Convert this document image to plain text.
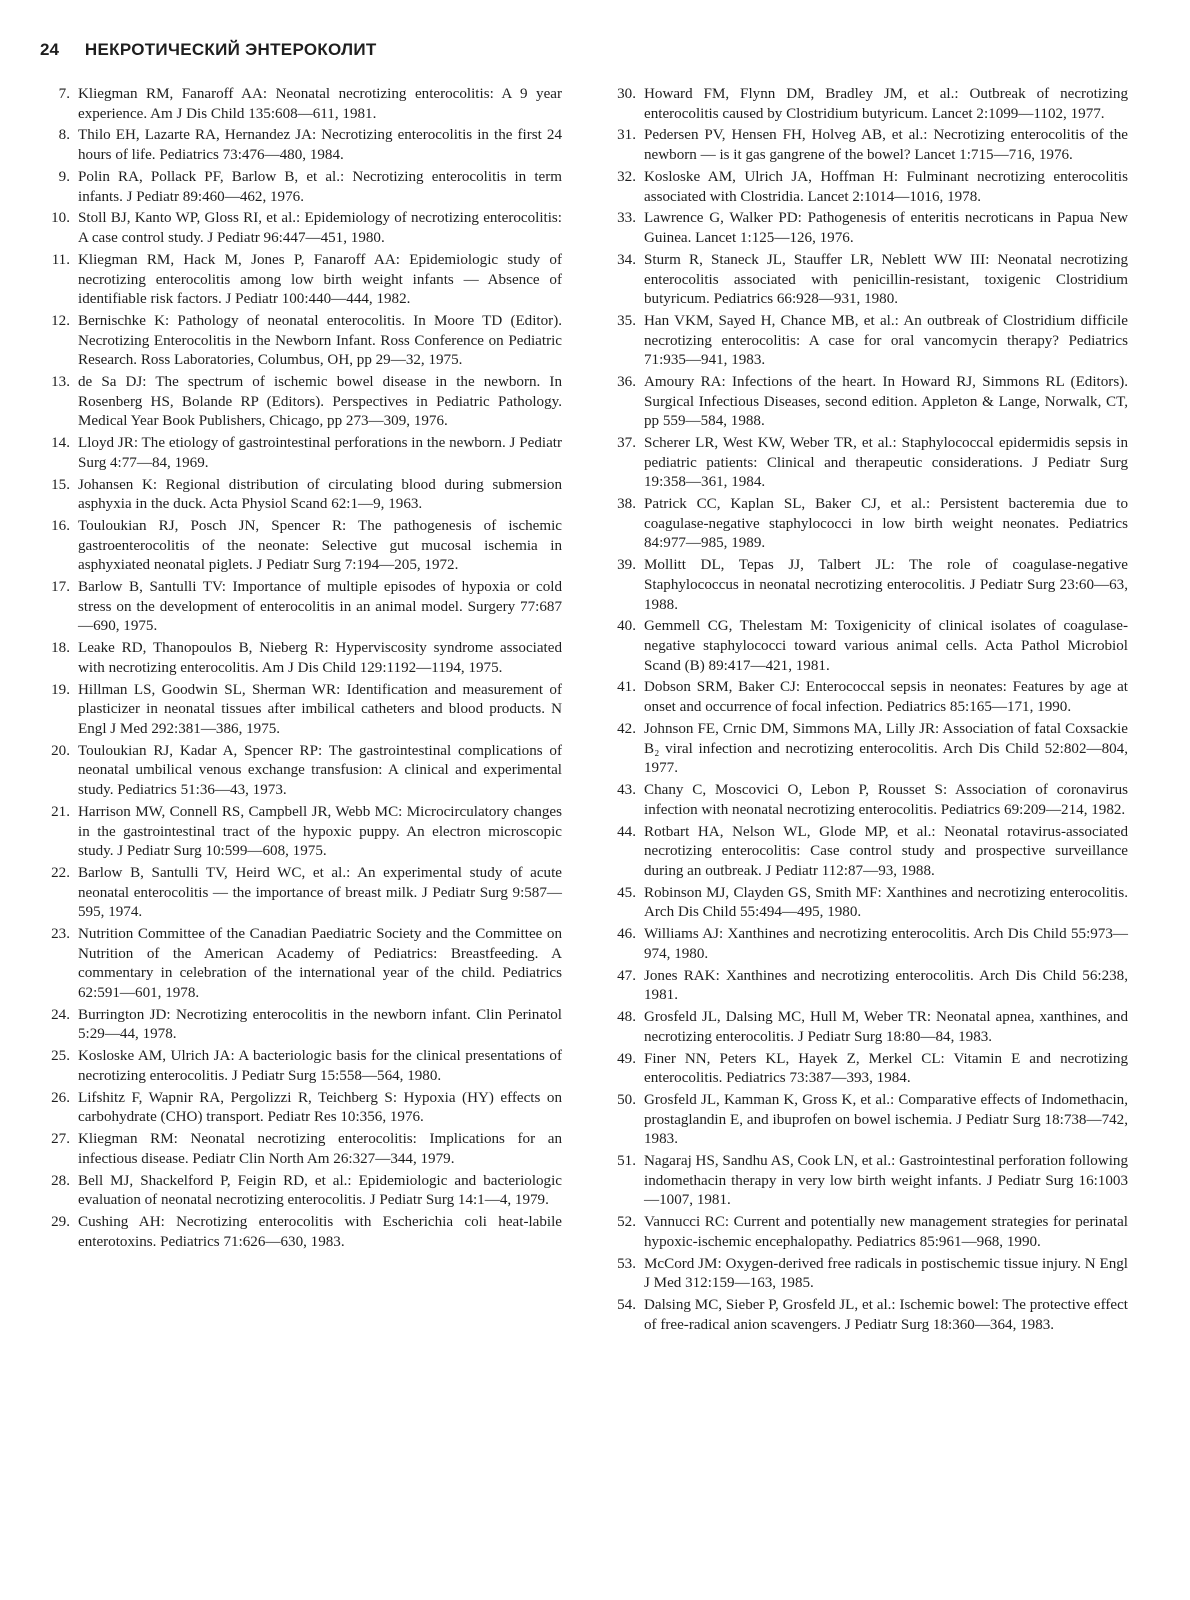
24 НЕКРОТИЧЕСКИЙ ЭНТЕРОКОЛИТ
7. Kliegman RM, Fanaroff AA: Neonatal necrotizing enterocolitis: A 9 year experience. Am J Dis Child 135:608—611, 1981.
8. Thilo EH, Lazarte RA, Hernandez JA: Necrotizing enterocolitis in the first 24 hours of life. Pediatrics 73:476—480, 1984.
9. Polin RA, Pollack PF, Barlow B, et al.: Necrotizing enterocolitis in term infants. J Pediatr 89:460—462, 1976.
10. Stoll BJ, Kanto WP, Gloss RI, et al.: Epidemiology of necrotizing enterocolitis: A case control study. J Pediatr 96:447—451, 1980.
11. Kliegman RM, Hack M, Jones P, Fanaroff AA: Epidemiologic study of necrotizing enterocolitis among low birth weight infants — Absence of identifiable risk factors. J Pediatr 100:440—444, 1982.
12. Bernischke K: Pathology of neonatal enterocolitis. In Moore TD (Editor). Necrotizing Enterocolitis in the Newborn Infant. Ross Conference on Pediatric Research. Ross Laboratories, Columbus, OH, pp 29—32, 1975.
13. de Sa DJ: The spectrum of ischemic bowel disease in the newborn. In Rosenberg HS, Bolande RP (Editors). Perspectives in Pediatric Pathology. Medical Year Book Publishers, Chicago, pp 273—309, 1976.
14. Lloyd JR: The etiology of gastrointestinal perforations in the newborn. J Pediatr Surg 4:77—84, 1969.
15. Johansen K: Regional distribution of circulating blood during submersion asphyxia in the duck. Acta Physiol Scand 62:1—9, 1963.
16. Touloukian RJ, Posch JN, Spencer R: The pathogenesis of ischemic gastroenterocolitis of the neonate: Selective gut mucosal ischemia in asphyxiated neonatal piglets. J Pediatr Surg 7:194—205, 1972.
17. Barlow B, Santulli TV: Importance of multiple episodes of hypoxia or cold stress on the development of enterocolitis in an animal model. Surgery 77:687—690, 1975.
18. Leake RD, Thanopoulos B, Nieberg R: Hyperviscosity syndrome associated with necrotizing enterocolitis. Am J Dis Child 129:1192—1194, 1975.
19. Hillman LS, Goodwin SL, Sherman WR: Identification and measurement of plasticizer in neonatal tissues after imbilical catheters and blood products. N Engl J Med 292:381—386, 1975.
20. Touloukian RJ, Kadar A, Spencer RP: The gastrointestinal complications of neonatal umbilical venous exchange transfusion: A clinical and experimental study. Pediatrics 51:36—43, 1973.
21. Harrison MW, Connell RS, Campbell JR, Webb MC: Microcirculatory changes in the gastrointestinal tract of the hypoxic puppy. An electron microscopic study. J Pediatr Surg 10:599—608, 1975.
22. Barlow B, Santulli TV, Heird WC, et al.: An experimental study of acute neonatal enterocolitis — the importance of breast milk. J Pediatr Surg 9:587—595, 1974.
23. Nutrition Committee of the Canadian Paediatric Society and the Committee on Nutrition of the American Academy of Pediatrics: Breastfeeding. A commentary in celebration of the international year of the child. Pediatrics 62:591—601, 1978.
24. Burrington JD: Necrotizing enterocolitis in the newborn infant. Clin Perinatol 5:29—44, 1978.
25. Kosloske AM, Ulrich JA: A bacteriologic basis for the clinical presentations of necrotizing enterocolitis. J Pediatr Surg 15:558—564, 1980.
26. Lifshitz F, Wapnir RA, Pergolizzi R, Teichberg S: Hypoxia (HY) effects on carbohydrate (CHO) transport. Pediatr Res 10:356, 1976.
27. Kliegman RM: Neonatal necrotizing enterocolitis: Implications for an infectious disease. Pediatr Clin North Am 26:327—344, 1979.
28. Bell MJ, Shackelford P, Feigin RD, et al.: Epidemiologic and bacteriologic evaluation of neonatal necrotizing enterocolitis. J Pediatr Surg 14:1—4, 1979.
29. Cushing AH: Necrotizing enterocolitis with Escherichia coli heat-labile enterotoxins. Pediatrics 71:626—630, 1983.
30. Howard FM, Flynn DM, Bradley JM, et al.: Outbreak of necrotizing enterocolitis caused by Clostridium butyricum. Lancet 2:1099—1102, 1977.
31. Pedersen PV, Hensen FH, Holveg AB, et al.: Necrotizing enterocolitis of the newborn — is it gas gangrene of the bowel? Lancet 1:715—716, 1976.
32. Kosloske AM, Ulrich JA, Hoffman H: Fulminant necrotizing enterocolitis associated with Clostridia. Lancet 2:1014—1016, 1978.
33. Lawrence G, Walker PD: Pathogenesis of enteritis necroticans in Papua New Guinea. Lancet 1:125—126, 1976.
34. Sturm R, Staneck JL, Stauffer LR, Neblett WW III: Neonatal necrotizing enterocolitis associated with penicillin-resistant, toxigenic Clostridium butyricum. Pediatrics 66:928—931, 1980.
35. Han VKM, Sayed H, Chance MB, et al.: An outbreak of Clostridium difficile necrotizing enterocolitis: A case for oral vancomycin therapy? Pediatrics 71:935—941, 1983.
36. Amoury RA: Infections of the heart. In Howard RJ, Simmons RL (Editors). Surgical Infectious Diseases, second edition. Appleton & Lange, Norwalk, CT, pp 559—584, 1988.
37. Scherer LR, West KW, Weber TR, et al.: Staphylococcal epidermidis sepsis in pediatric patients: Clinical and therapeutic considerations. J Pediatr Surg 19:358—361, 1984.
38. Patrick CC, Kaplan SL, Baker CJ, et al.: Persistent bacteremia due to coagulase-negative staphylococci in low birth weight neonates. Pediatrics 84:977—985, 1989.
39. Mollitt DL, Tepas JJ, Talbert JL: The role of coagulase-negative Staphylococcus in neonatal necrotizing enterocolitis. J Pediatr Surg 23:60—63, 1988.
40. Gemmell CG, Thelestam M: Toxigenicity of clinical isolates of coagulase-negative staphylococci toward various animal cells. Acta Pathol Microbiol Scand (B) 89:417—421, 1981.
41. Dobson SRM, Baker CJ: Enterococcal sepsis in neonates: Features by age at onset and occurrence of focal infection. Pediatrics 85:165—171, 1990.
42. Johnson FE, Crnic DM, Simmons MA, Lilly JR: Association of fatal Coxsackie B₂ viral infection and necrotizing enterocolitis. Arch Dis Child 52:802—804, 1977.
43. Chany C, Moscovici O, Lebon P, Rousset S: Association of coronavirus infection with neonatal necrotizing enterocolitis. Pediatrics 69:209—214, 1982.
44. Rotbart HA, Nelson WL, Glode MP, et al.: Neonatal rotavirus-associated necrotizing enterocolitis: Case control study and prospective surveillance during an outbreak. J Pediatr 112:87—93, 1988.
45. Robinson MJ, Clayden GS, Smith MF: Xanthines and necrotizing enterocolitis. Arch Dis Child 55:494—495, 1980.
46. Williams AJ: Xanthines and necrotizing enterocolitis. Arch Dis Child 55:973—974, 1980.
47. Jones RAK: Xanthines and necrotizing enterocolitis. Arch Dis Child 56:238, 1981.
48. Grosfeld JL, Dalsing MC, Hull M, Weber TR: Neonatal apnea, xanthines, and necrotizing enterocolitis. J Pediatr Surg 18:80—84, 1983.
49. Finer NN, Peters KL, Hayek Z, Merkel CL: Vitamin E and necrotizing enterocolitis. Pediatrics 73:387—393, 1984.
50. Grosfeld JL, Kamman K, Gross K, et al.: Comparative effects of Indomethacin, prostaglandin E, and ibuprofen on bowel ischemia. J Pediatr Surg 18:738—742, 1983.
51. Nagaraj HS, Sandhu AS, Cook LN, et al.: Gastrointestinal perforation following indomethacin therapy in very low birth weight infants. J Pediatr Surg 16:1003—1007, 1981.
52. Vannucci RC: Current and potentially new management strategies for perinatal hypoxic-ischemic encephalopathy. Pediatrics 85:961—968, 1990.
53. McCord JM: Oxygen-derived free radicals in postischemic tissue injury. N Engl J Med 312:159—163, 1985.
54. Dalsing MC, Sieber P, Grosfeld JL, et al.: Ischemic bowel: The protective effect of free-radical anion scavengers. J Pediatr Surg 18:360—364, 1983.
